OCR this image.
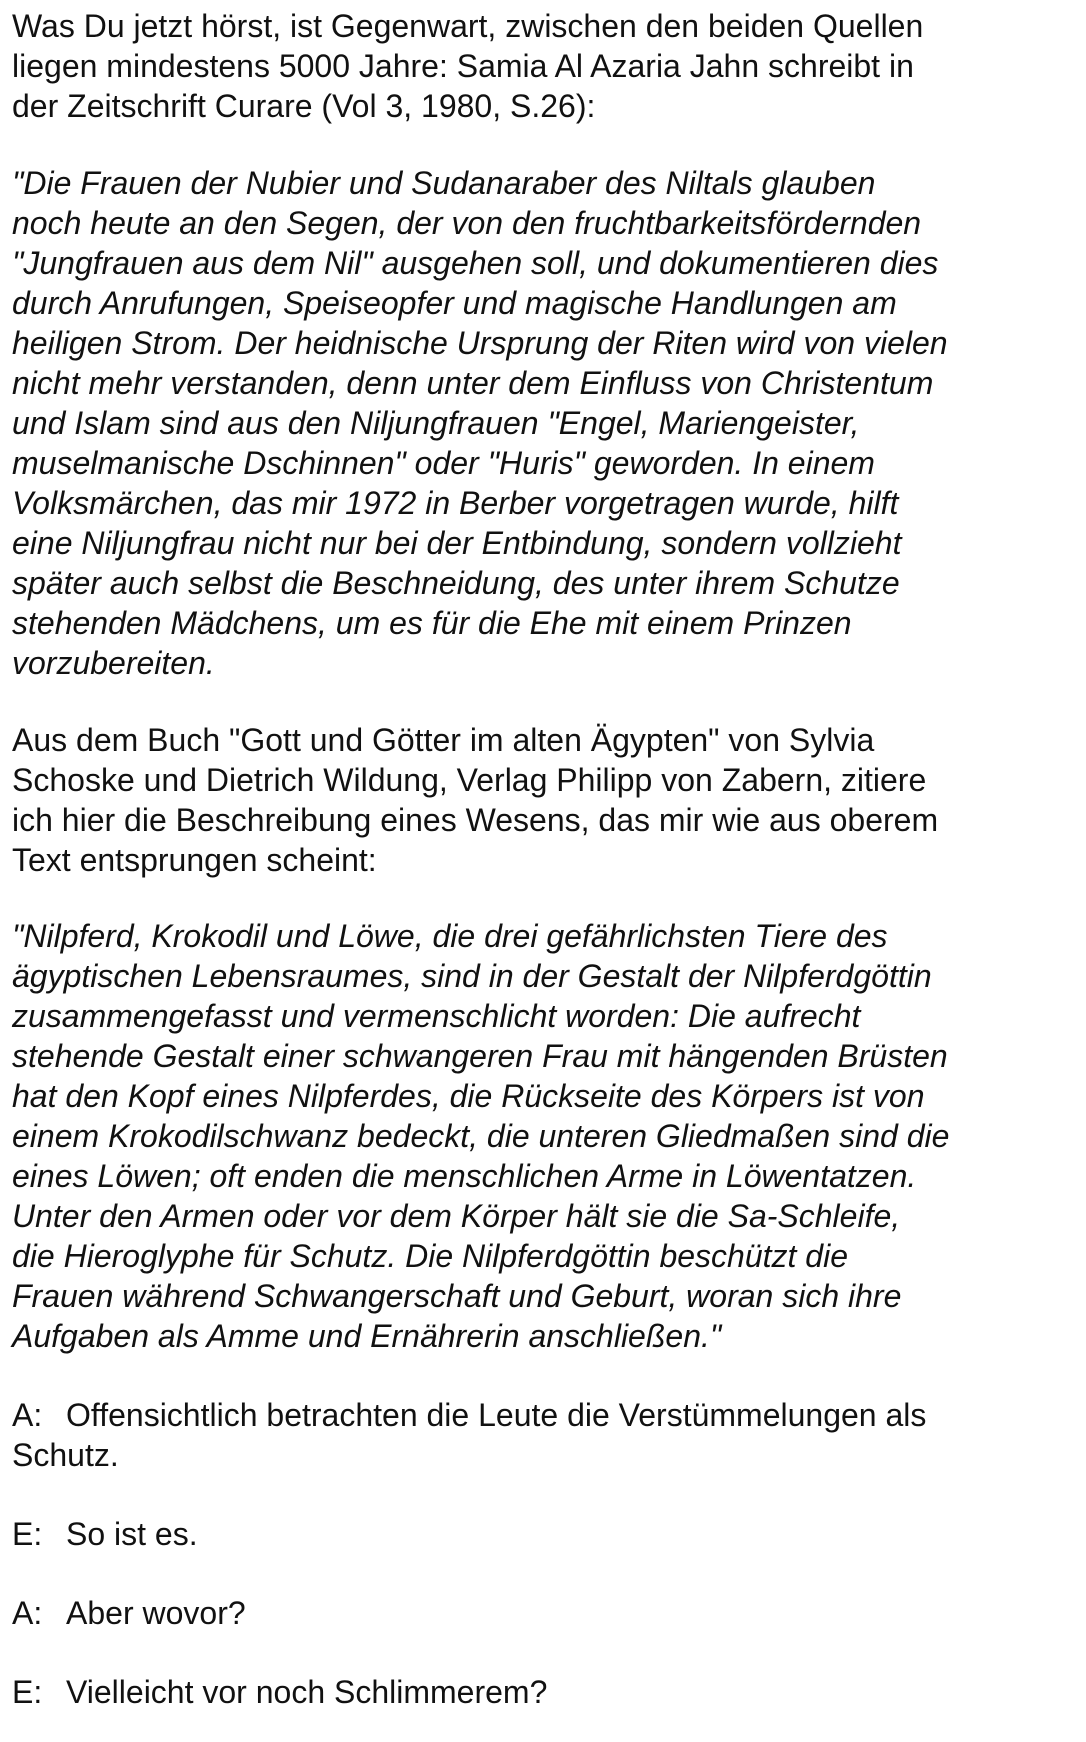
Was Du jetzt hörst, ist Gegenwart, zwischen den beiden Quellen
liegen mindestens 5000 Jahre: Samia Al Azaria Jahn schreibt in
der Zeitschrift Curare (Vol 3, 1980, S.26):

"Die Frauen der Nubier und Sudanaraber des Niltals glauben
noch heute an den Segen, der von den fruchtbarkeitsfördernden
"Jungfrauen aus dem Nil" ausgehen soll, und dokumentieren dies
durch Anrufungen, Speiseopfer und magische Handlungen am
heiligen Strom. Der heidnische Ursprung der Riten wird von vielen
nicht mehr verstanden, denn unter dem Einfluss von Christentum
und Islam sind aus den Niljungfrauen "Engel, Mariengeister,
muselmanische Dschinnen" oder "Huris" geworden. In einem
Volksmärchen, das mir 1972 in Berber vorgetragen wurde, hilft
eine Niljungfrau nicht nur bei der Entbindung, sondern vollzieht
später auch selbst die Beschneidung, des unter ihrem Schutze
stehenden Mädchens, um es für die Ehe mit einem Prinzen
vorzubereiten.

Aus dem Buch "Gott und Götter im alten Ägypten" von Sylvia
Schoske und Dietrich Wildung, Verlag Philipp von Zabern, zitiere
ich hier die Beschreibung eines Wesens, das mir wie aus oberem
Text entsprungen scheint:

"Nilpferd, Krokodil und Löwe, die drei gefährlichsten Tiere des
ägyptischen Lebensraumes, sind in der Gestalt der Nilpferdgöttin
zusammengefasst und vermenschlicht worden: Die aufrecht
stehende Gestalt einer schwangeren Frau mit hängenden Brüsten
hat den Kopf eines Nilpferdes, die Rückseite des Körpers ist von
einem Krokodilschwanz bedeckt, die unteren Gliedmaßen sind die
eines Löwen; oft enden die menschlichen Arme in Löwentatzen.
Unter den Armen oder vor dem Körper hält sie die Sa-Schleife,
die Hieroglyphe für Schutz. Die Nilpferdgöttin beschützt die
Frauen während Schwangerschaft und Geburt, woran sich ihre
Aufgaben als Amme und Ernährerin anschließen."

A: Offensichtlich betrachten die Leute die Verstümmelungen als
Schutz.

E: So ist es.

A: Aber wovor?

E: Vielleicht vor noch Schlimmerem?
